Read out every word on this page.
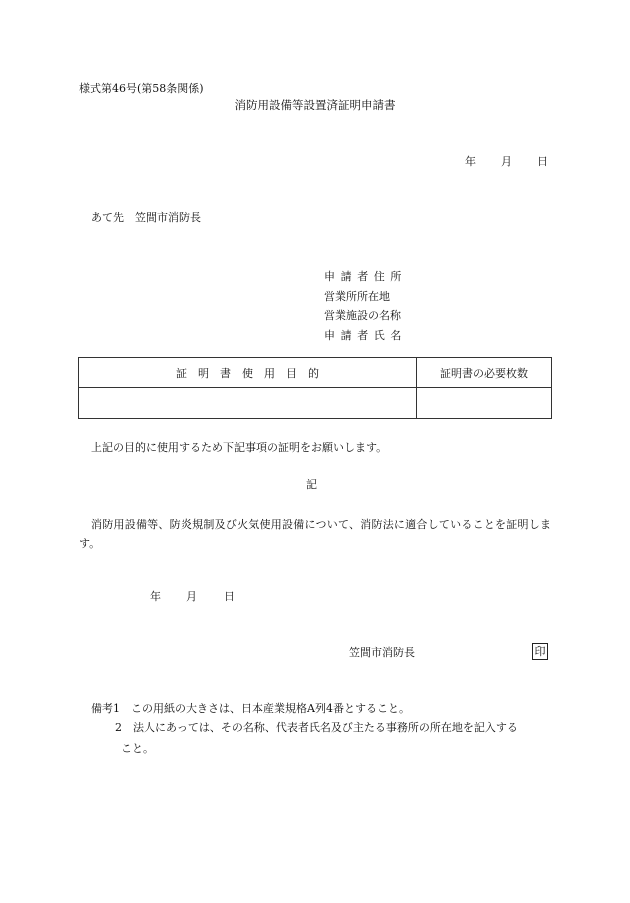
様式第46号(第58条関係)
消防用設備等設置済証明申請書
年	月	日
あて先　笠間市消防長
申請者住所
営業所所在地
営業施設の名称
申請者氏名
証明書使用目的	証明書の必要枚数

上記の目的に使用するため下記事項の証明をお願いします。
記
消防用設備等、防炎規制及び火気使用設備について、消防法に適合していることを証明します。
年	月	日
笠間市消防長	印
備考1　この用紙の大きさは、日本産業規格A列4番とすること。
2　法人にあっては、その名称、代表者氏名及び主たる事務所の所在地を記入する
こと。
